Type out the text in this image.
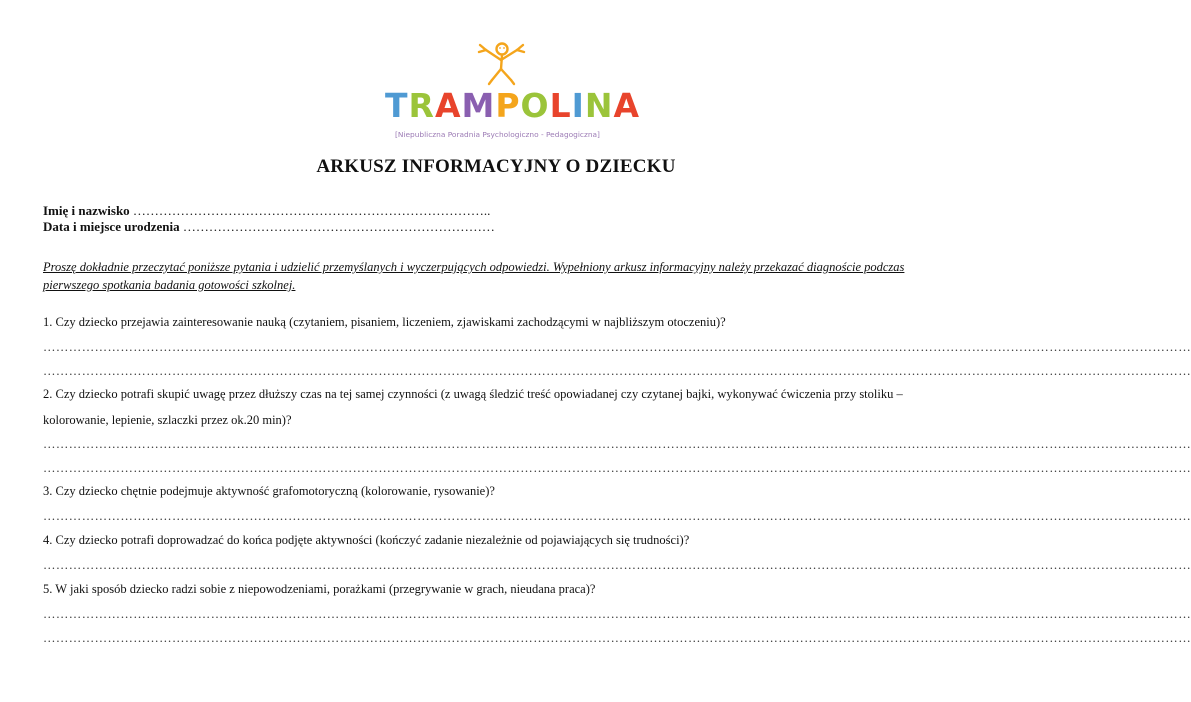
TRAMPOLINA
[Niepubliczna Poradnia Psychologiczno - Pedagogiczna]
ARKUSZ INFORMACYJNY O DZIECKU
Imię i nazwisko ………………………………………………………………………..
Data i miejsce urodzenia ………………………………………………………………
Proszę dokładnie przeczytać poniższe pytania i udzielić przemyślanych i wyczerpujących odpowiedzi. Wypełniony arkusz informacyjny należy przekazać diagnoście podczas pierwszego spotkania badania gotowości szkolnej.
1. Czy dziecko przejawia zainteresowanie nauką (czytaniem, pisaniem, liczeniem, zjawiskami zachodzącymi w najbliższym otoczeniu)?
……………………………………………………………………………………………………………………………………………………………………………………………………………………………………………
……………………………………………………………………………………………………………………………………………………………………………………………………………………………………………
2. Czy dziecko potrafi skupić uwagę przez dłuższy czas na tej samej czynności (z uwagą śledzić treść opowiadanej czy czytanej bajki, wykonywać ćwiczenia przy stoliku – kolorowanie, lepienie, szlaczki przez ok.20 min)?
……………………………………………………………………………………………………………………………………………………………………………………………………………………………………………
……………………………………………………………………………………………………………………………………………………………………………………………………………………………………………
3. Czy dziecko chętnie podejmuje aktywność grafomotoryczną (kolorowanie, rysowanie)?
……………………………………………………………………………………………………………………………………………………………………………………………………………………………………………
4. Czy dziecko potrafi doprowadzać do końca podjęte aktywności (kończyć zadanie niezależnie od pojawiających się trudności)?
……………………………………………………………………………………………………………………………………………………………………………………………………………………………………………
5. W jaki sposób dziecko radzi sobie z niepowodzeniami, porażkami (przegrywanie w grach, nieudana praca)?
……………………………………………………………………………………………………………………………………………………………………………………………………………………………………………
……………………………………………………………………………………………………………………………………………………………………………………………………………………………………………
